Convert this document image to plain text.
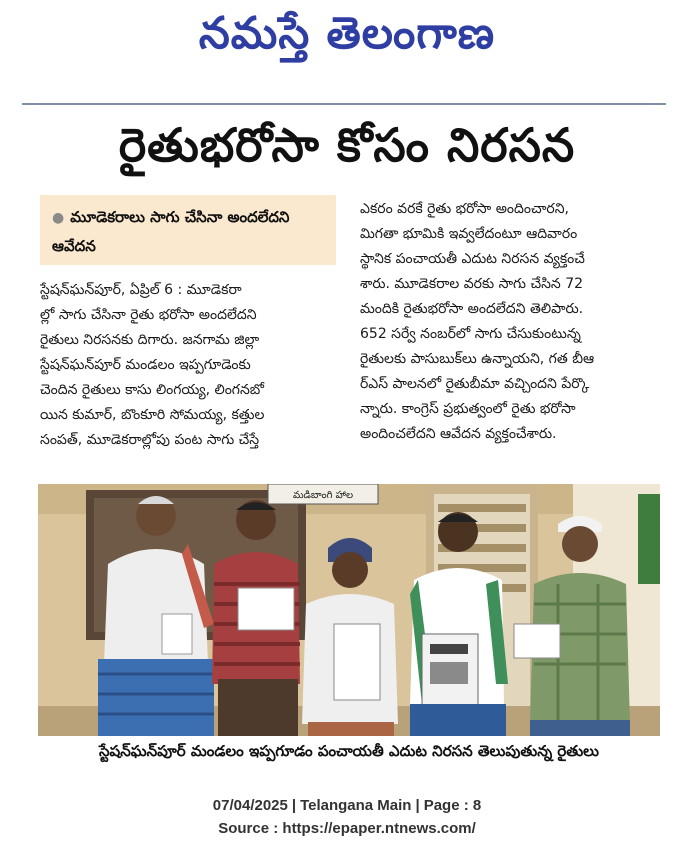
నమస్తే తెలంగాణ
రైతుభరోసా కోసం నిరసన
● మూడెకరాలు సాగు చేసినా అందలేదని ఆవేదన
స్టేషన్‌ఘన్‌పూర్, ఏప్రిల్ 6 : మూడెకరా
ల్లో సాగు చేసినా రైతు భరోసా అందలేదని
రైతులు నిరసనకు దిగారు. జనగామ జిల్లా
స్టేషన్‌ఘన్‌పూర్ మండలం ఇప్పగూడెంకు
చెందిన రైతులు కాసు లింగయ్య, లింగనబో
యిన కుమార్, బొంకూరి సోమయ్య, కత్తుల
సంపత్, మూడెకరాల్లోపు పంట సాగు చేస్తే
ఎకరం వరకే రైతు భరోసా అందించారని,
మిగతా భూమికి ఇవ్వలేదంటూ ఆదివారం
స్థానిక పంచాయతీ ఎదుట నిరసన వ్యక్తంచే
శారు. మూడెకరాల వరకు సాగు చేసిన 72
మందికి రైతుభరోసా అందలేదని తెలిపారు.
652 సర్వే నంబర్‌లో సాగు చేసుకుంటున్న
రైతులకు పాసుబుక్‌లు ఉన్నాయని, గత బీఆ
ర్‌ఎస్ పాలనలో రైతుబీమా వచ్చిందని పేర్కొ
న్నారు. కాంగ్రెస్ ప్రభుత్వంలో రైతు భరోసా
అందించలేదని ఆవేదన వ్యక్తంచేశారు.
మడిబాంగి హాల
స్టేషన్‌ఘన్‌పూర్ మండలం ఇప్పగూడం పంచాయతీ ఎదుట నిరసన తెలుపుతున్న రైతులు
07/04/2025 | Telangana Main | Page : 8
Source : https://epaper.ntnews.com/
